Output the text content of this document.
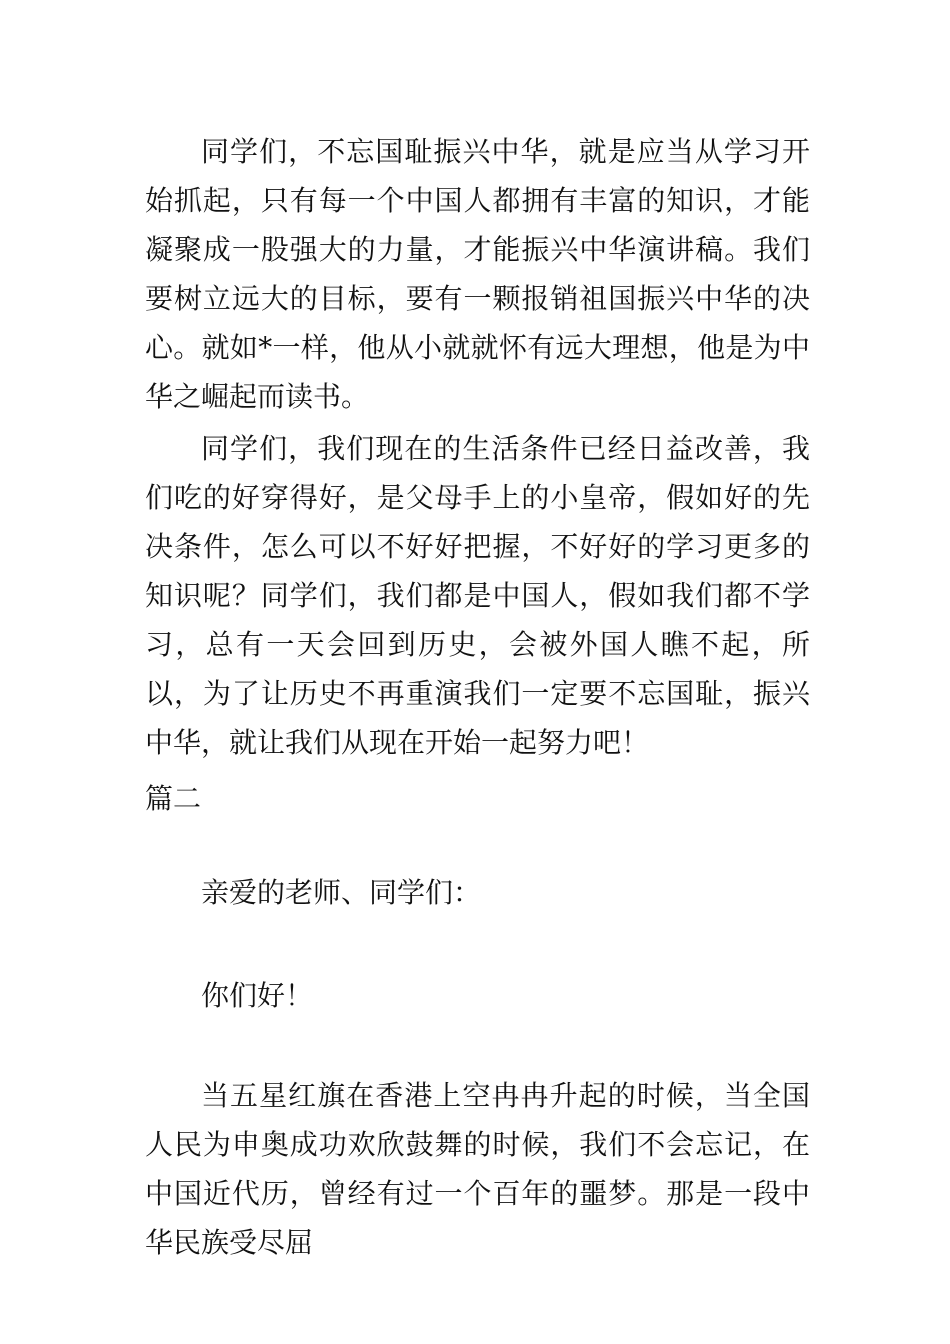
同学们，不忘国耻振兴中华，就是应当从学习开始抓起，只有每一个中国人都拥有丰富的知识，才能凝聚成一股强大的力量，才能振兴中华演讲稿。我们要树立远大的目标，要有一颗报销祖国振兴中华的决心。就如*一样，他从小就就怀有远大理想，他是为中华之崛起而读书。

同学们，我们现在的生活条件已经日益改善，我们吃的好穿得好，是父母手上的小皇帝，假如好的先决条件，怎么可以不好好把握，不好好的学习更多的知识呢？同学们，我们都是中国人，假如我们都不学习，总有一天会回到历史，会被外国人瞧不起，所以，为了让历史不再重演我们一定要不忘国耻，振兴中华，就让我们从现在开始一起努力吧！

篇二

亲爱的老师、同学们：

你们好！

当五星红旗在香港上空冉冉升起的时候，当全国人民为申奥成功欢欣鼓舞的时候，我们不会忘记，在中国近代历，曾经有过一个百年的噩梦。那是一段中华民族受尽屈
